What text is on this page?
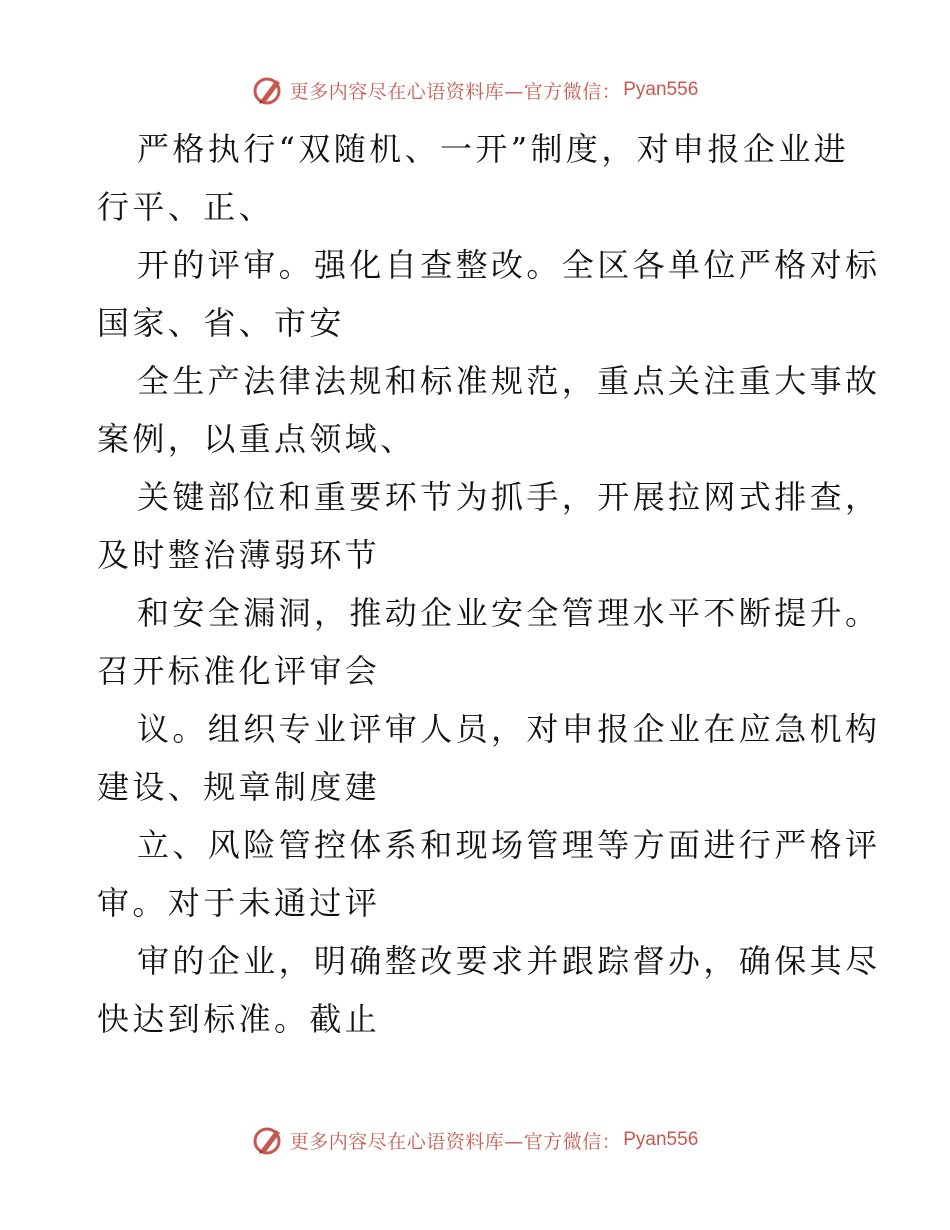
更多内容尽在心语资料库—官方微信： Pyan556
严格执行“双随机、一开”制度，对申报企业进
行平、正、
开的评审。强化自查整改。全区各单位严格对标
国家、省、市安
全生产法律法规和标准规范，重点关注重大事故
案例，以重点领域、
关键部位和重要环节为抓手，开展拉网式排查，
及时整治薄弱环节
和安全漏洞，推动企业安全管理水平不断提升。
召开标准化评审会
议。组织专业评审人员，对申报企业在应急机构
建设、规章制度建
立、风险管控体系和现场管理等方面进行严格评
审。对于未通过评
审的企业，明确整改要求并跟踪督办，确保其尽
快达到标准。截止
更多内容尽在心语资料库—官方微信： Pyan556
